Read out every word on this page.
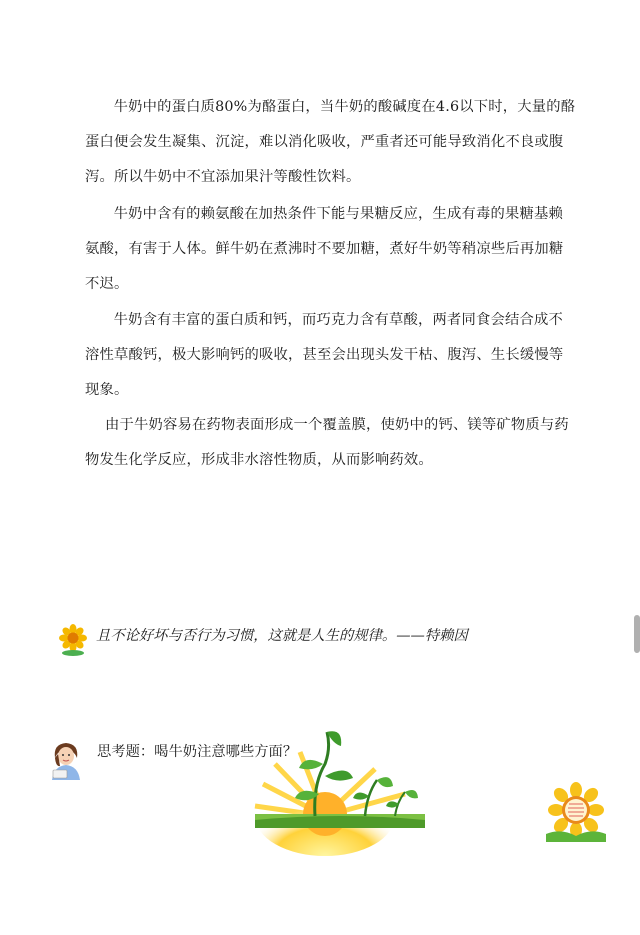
牛奶中的蛋白质80%为酪蛋白，当牛奶的酸碱度在4.6以下时，大量的酪蛋白便会发生凝集、沉淀，难以消化吸收，严重者还可能导致消化不良或腹泻。所以牛奶中不宜添加果汁等酸性饮料。

牛奶中含有的赖氨酸在加热条件下能与果糖反应，生成有毒的果糖基赖氨酸，有害于人体。鲜牛奶在煮沸时不要加糖，煮好牛奶等稍凉些后再加糖不迟。

牛奶含有丰富的蛋白质和钙，而巧克力含有草酸，两者同食会结合成不溶性草酸钙，极大影响钙的吸收，甚至会出现头发干枯、腹泻、生长缓慢等现象。

由于牛奶容易在药物表面形成一个覆盖膜，使奶中的钙、镁等矿物质与药物发生化学反应，形成非水溶性物质，从而影响药效。

且不论好坏与否行为习惯，这就是人生的规律。——特赖因

思考题：喝牛奶注意哪些方面？
